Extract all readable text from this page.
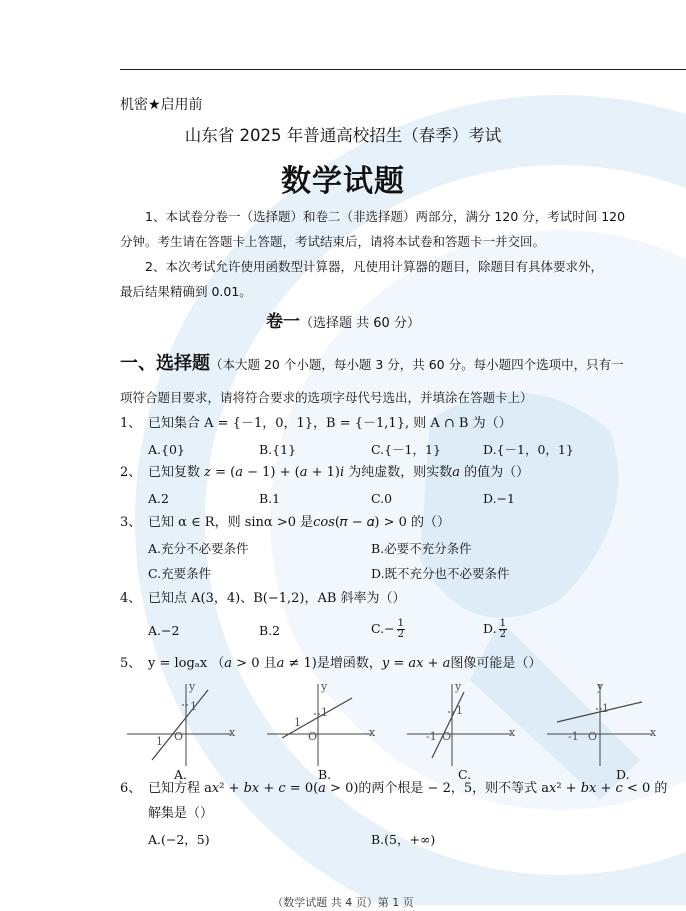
机密★启用前
山东省 2025 年普通高校招生（春季）考试
数学试题
1、本试卷分卷一（选择题）和卷二（非选择题）两部分，满分 120 分，考试时间 120
分钟。考生请在答题卡上答题，考试结束后，请将本试卷和答题卡一并交回。
2、本次考试允许使用函数型计算器，凡使用计算器的题目，除题目有具体要求外，
最后结果精确到 0.01。
卷一（选择题 共 60 分）
一、选择题（本大题 20 个小题，每小题 3 分，共 60 分。每小题四个选项中，只有一
项符合题目要求，请将符合要求的选项字母代号选出，并填涂在答题卡上）
1、 已知集合 A = {－1，0，1}，B = {－1,1}, 则 A ∩ B 为（）
A.{0}	B.{1}	C.{－1，1}	D.{－1，0，1}
2、 已知复数 𝑧 = (𝑎 − 1) + (𝑎 + 1)𝑖 为纯虚数，则实数𝑎 的值为（）
A.2	B.1	C.0	D.−1
3、 已知 α ∈ R，则 sinα >0 是𝑐𝑜𝑠(𝜋 − 𝛼) > 0 的（）
A.充分不必要条件	B.必要不充分条件
C.充要条件	D.既不充分也不必要条件
4、 已知点 A(3，4)、B(−1,2)，AB 斜率为（）
A.−2	B.2	$C.- \frac{1}{2}$	D. $\frac{1}{2}$
5、 y = logₐx （𝑎 > 0 且𝑎 ≠ 1)是增函数，𝑦 = 𝑎𝑥 + 𝑎图像可能是（）
y
x
O
1
1
A.
y
x
O
1
1
B.
y
x
O
1
-1
C.
y
x
O
1
-1
D.
6、 已知方程 a𝑥² + 𝑏𝑥 + 𝑐 = 0(𝑎 > 0)的两个根是 − 2，5，则不等式 a𝑥² + 𝑏𝑥 + 𝑐 < 0 的
解集是（）
A.(−2，5)	B.(5，+∞)
（数学试题 共 4 页）第 1 页
